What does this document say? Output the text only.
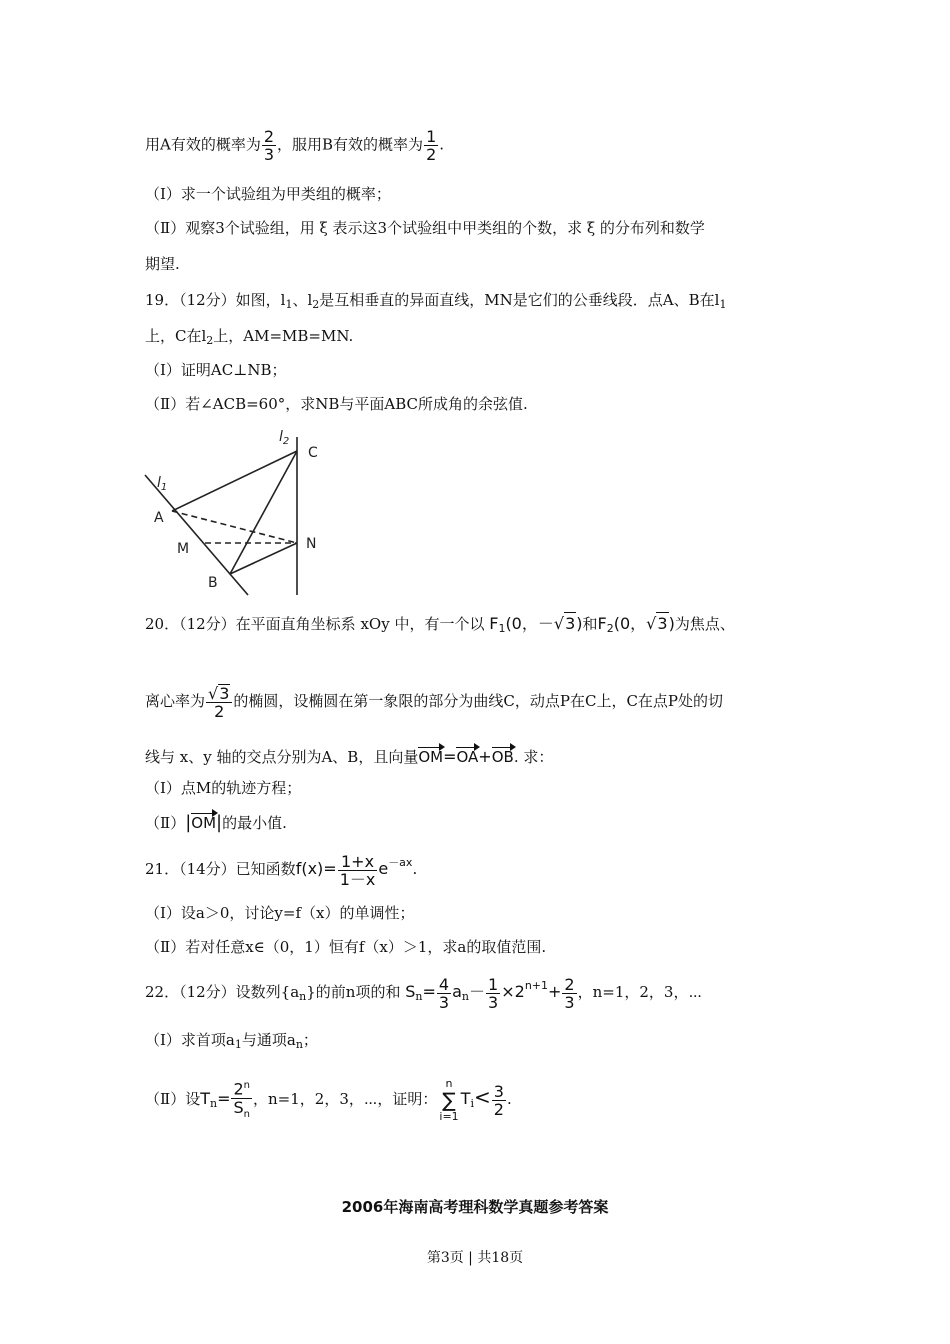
用A有效的概率为 $\frac{2}{3}$ ，服用B有效的概率为 $\frac{1}{2}$ .
（Ⅰ）求一个试验组为甲类组的概率；
（Ⅱ）观察3个试验组，用 ξ 表示这3个试验组中甲类组的个数，求 ξ 的分布列和数学
期望.
19．（12分）如图，$l_1$、$l_2$是互相垂直的异面直线，MN是它们的公垂线段．点A、B在$l_1$
上，C在$l_2$上，AM=MB=MN.
（Ⅰ）证明AC⊥NB；
（Ⅱ）若∠ACB=60°，求NB与平面ABC所成角的余弦值.
$l_1$
$l_2$
C
A
M	N
B
20．（12分）在平面直角坐标系 xOy 中，有一个以 $F_1(0$，－√3)和$F_2(0$，√3)为焦点、
离心率为 $\frac{√3}{2}$ 的椭圆，设椭圆在第一象限的部分为曲线C，动点P在C上，C在点P处的切
线与 x、y 轴的交点分别为A、B，且向量OM=OA+OB. 求：
（Ⅰ）点M的轨迹方程；
（Ⅱ）|OM|的最小值.
21．（14分）已知函数$f(x)= \frac{1+x}{1-x} e^{-ax}$.
（Ⅰ）设a＞0，讨论y=f（x）的单调性；
（Ⅱ）若对任意x∈（0，1）恒有f（x）＞1，求a的取值范围.
22．（12分）设数列$\{a_n\}$的前n项的和 $S_n= \frac{4}{3} a_n- \frac{1}{3} \times 2^{n+1}+ \frac{2}{3}$ ，n=1，2，3，⋯
（Ⅰ）求首项$a_1$与通项$a_n$；
（Ⅱ）设$T_n= \frac{2^n}{S_n}$ ，n=1，2，3，⋯，证明：
n
∑
i=1
$T_i< \frac{3}{2}$ .
2006年海南高考理科数学真题参考答案
第3页 | 共18页
